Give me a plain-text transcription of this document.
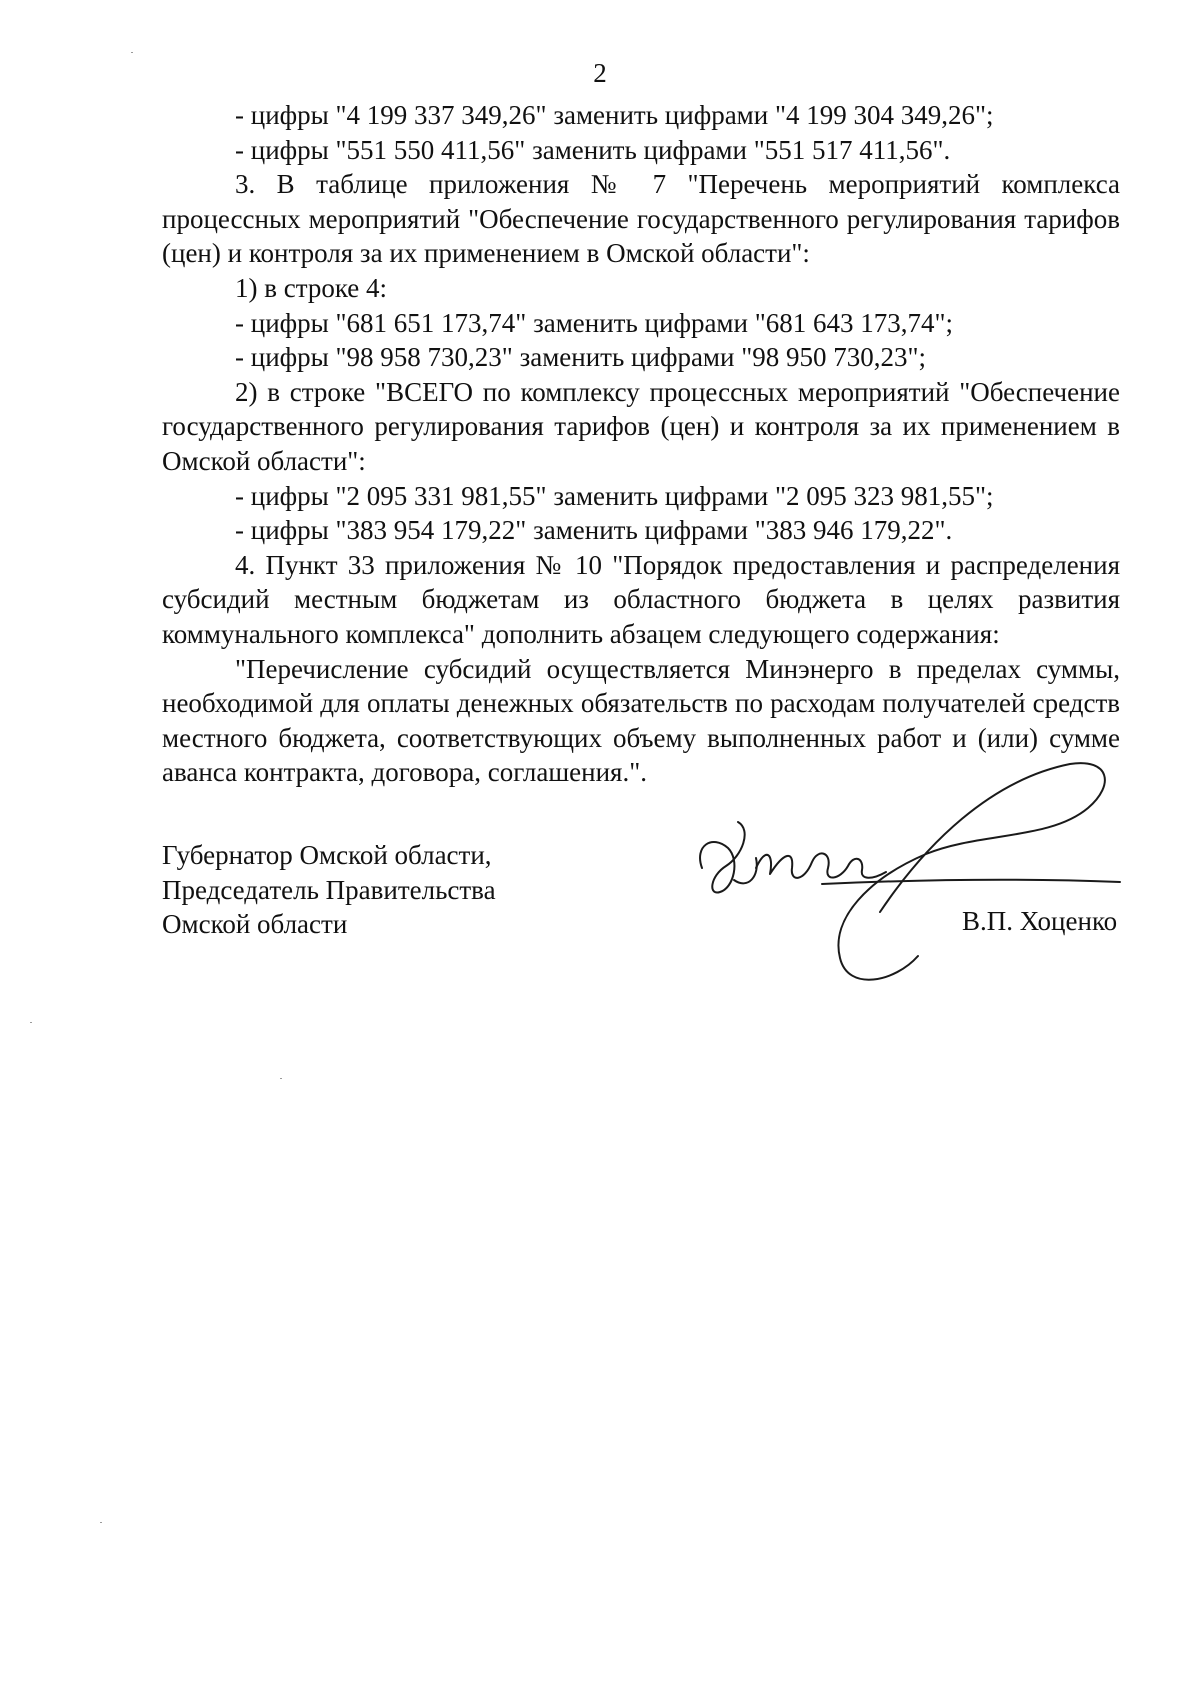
2

- цифры "4 199 337 349,26" заменить цифрами "4 199 304 349,26";

- цифры "551 550 411,56" заменить цифрами "551 517 411,56".

3. В таблице приложения № 7 "Перечень мероприятий комплекса процессных мероприятий "Обеспечение государственного регулирования тарифов (цен) и контроля за их применением в Омской области":

1) в строке 4:

- цифры "681 651 173,74" заменить цифрами "681 643 173,74";

- цифры "98 958 730,23" заменить цифрами "98 950 730,23";

2) в строке "ВСЕГО по комплексу процессных мероприятий "Обеспечение государственного регулирования тарифов (цен) и контроля за их применением в Омской области":

- цифры "2 095 331 981,55" заменить цифрами "2 095 323 981,55";

- цифры "383 954 179,22" заменить цифрами "383 946 179,22".

4. Пункт 33 приложения № 10 "Порядок предоставления и распределения субсидий местным бюджетам из областного бюджета в целях развития коммунального комплекса" дополнить абзацем следующего содержания:

"Перечисление субсидий осуществляется Минэнерго в пределах суммы, необходимой для оплаты денежных обязательств по расходам получателей средств местного бюджета, соответствующих объему выполненных работ и (или) сумме аванса контракта, договора, соглашения.".

Губернатор Омской области,
Председатель Правительства
Омской области	В.П. Хоценко
